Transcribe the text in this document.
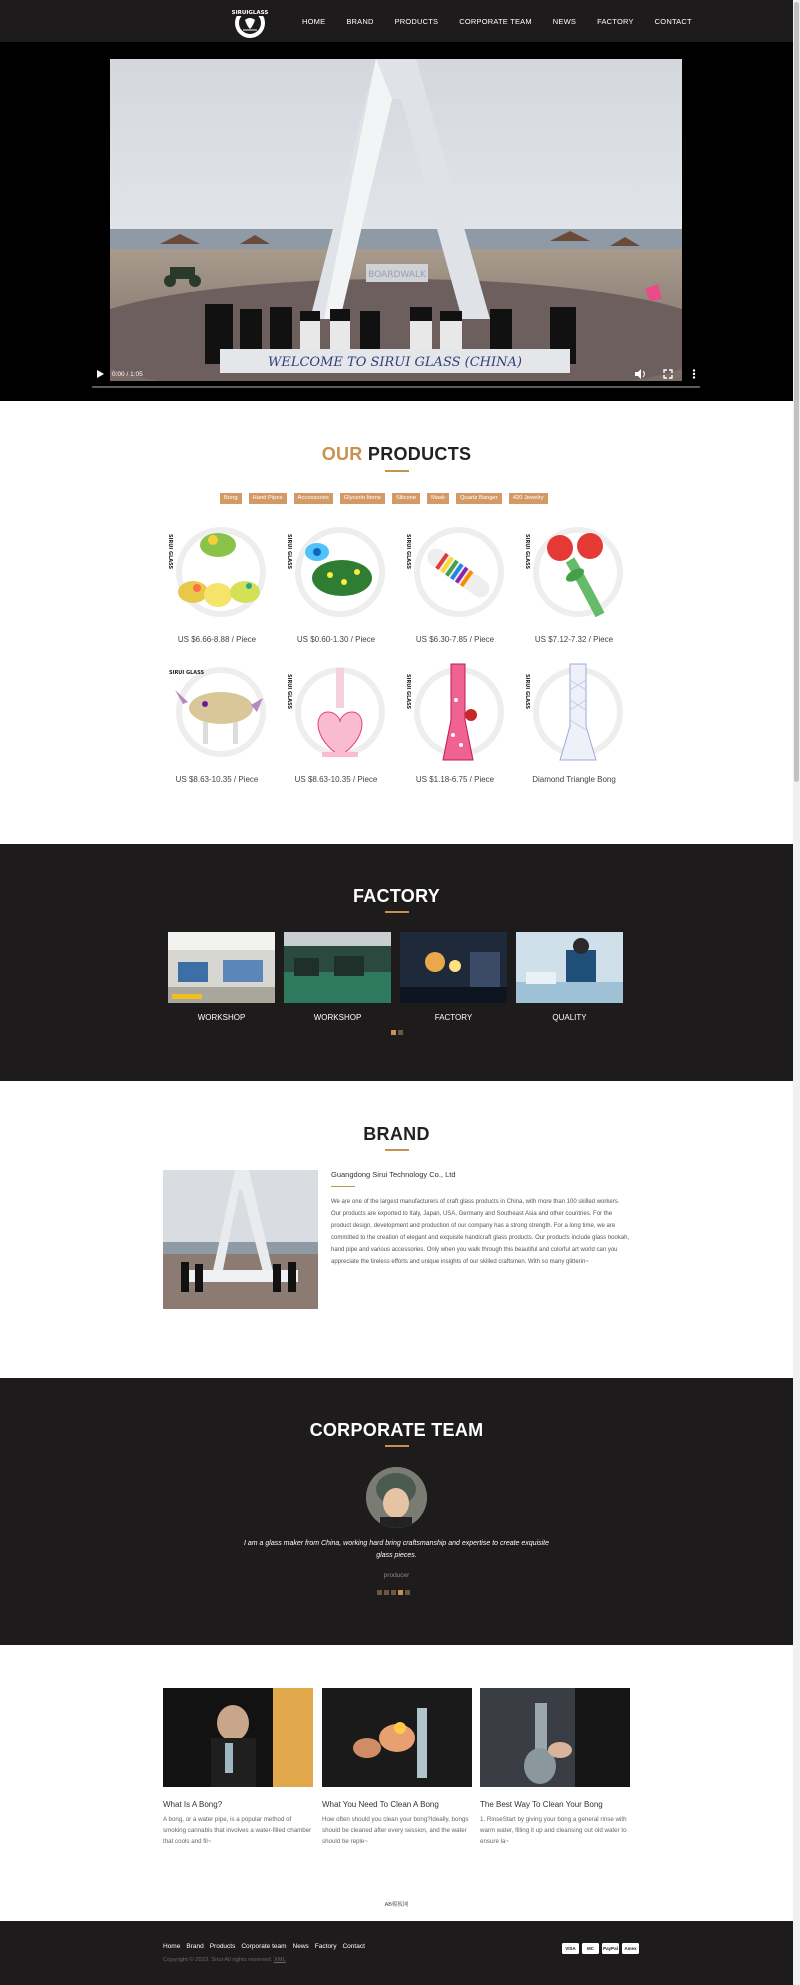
SIRUIGLASS
HOME	BRAND	PRODUCTS	CORPORATE TEAM	NEWS	FACTORY	CONTACT
BOARDWALK
WELCOME TO SIRUI GLASS (CHINA)
0:00 / 1:05
OUR PRODUCTS
Bong	Hand Pipes	Accessories	Glycerin Items	Silicone	Mask	Quartz Banger	420 Jewelry
SIRUI GLASS
US $6.66-8.88 / Piece
SIRUI GLASS
US $0.60-1.30 / Piece
SIRUI GLASS
US $6.30-7.85 / Piece
SIRUI GLASS
US $7.12-7.32 / Piece
SIRUI GLASS
US $8.63-10.35 / Piece
SIRUI GLASS
US $8.63-10.35 / Piece
SIRUI GLASS
US $1.18-6.75 / Piece
SIRUI GLASS
Diamond Triangle Bong
FACTORY
WORKSHOP	WORKSHOP	FACTORY	QUALITY
BRAND
Guangdong Sirui Technology Co., Ltd
We are one of the largest manufacturers of craft glass products in China, with more than 100 skilled workers. Our products are exported to Italy, Japan, USA, Germany and Southeast Asia and other countries. For the product design, development and production of our company has a strong strength. For a long time, we are committed to the creation of elegant and exquisite handicraft glass products. Our products include glass hookah, hand pipe and various accessories. Only when you walk through this beautiful and colorful art world can you appreciate the tireless efforts and unique insights of our skilled craftsmen. With so many glitterin~
CORPORATE TEAM
I am a glass maker from China, working hard bring craftsmanship and expertise to create exquisite glass pieces.
producer
What Is A Bong?
A bong, or a water pipe, is a popular method of smoking cannabis that involves a water-filled chamber that cools and fil~
What You Need To Clean A Bong
How often should you clean your bong?Ideally, bongs should be cleaned after every session, and the water should be reple~
The Best Way To Clean Your Bong
1. RinseStart by giving your bong a general rinse with warm water, filling it up and cleansing out old water to ensure la~
AB模板网
Home Brand Products Corporate team News Factory Contact
Copyright © 2023. Sirui All rights reserved. XML
VISA	MC	PayPal	Amex
